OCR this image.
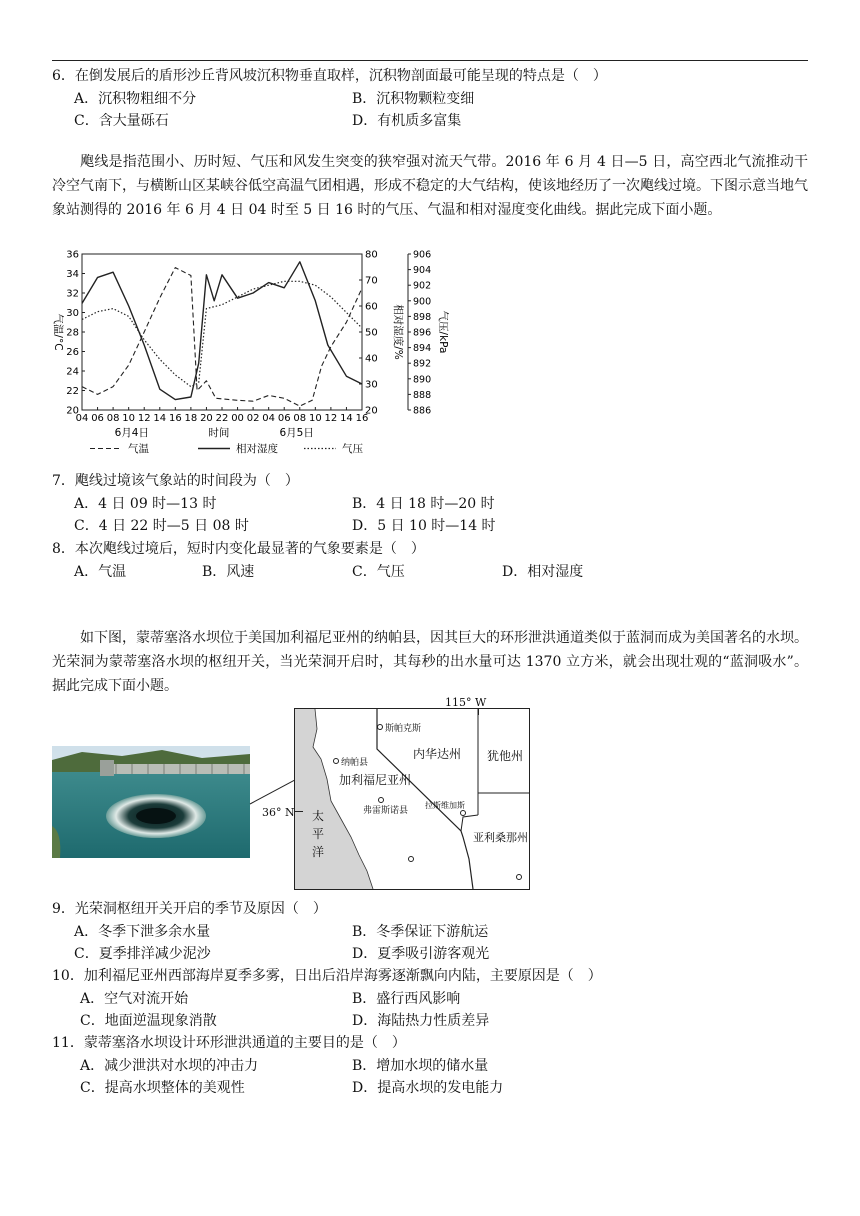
6．在倒发展后的盾形沙丘背风坡沉积物垂直取样，沉积物剖面最可能呈现的特点是（　）
A．沉积物粗细不分	B．沉积物颗粒变细
C．含大量砾石	D．有机质多富集
飑线是指范围小、历时短、气压和风发生突变的狭窄强对流天气带。2016 年 6 月 4 日—5 日，高空西北气流推动干冷空气南下，与横断山区某峡谷低空高温气团相遇，形成不稳定的大气结构，使该地经历了一次飑线过境。下图示意当地气象站测得的 2016 年 6 月 4 日 04 时至 5 日 16 时的气压、气温和相对湿度变化曲线。据此完成下面小题。
20
22
24
26
28
30
32
34
36
20
30
40
50
60
70
80
886
888
890
892
894
896
898
900
902
904
906
04 06 08 10 12 14 16 18 20 22 00 02 04 06 08 10 12 14 16
气温/°C	相对湿度/%	气压/kPa
6月4日	时间	6月5日
气温	相对湿度	气压
7．飑线过境该气象站的时间段为（　）
A．4 日 09 时—13 时	B．4 日 18 时—20 时
C．4 日 22 时—5 日 08 时	D．5 日 10 时—14 时
8．本次飑线过境后，短时内变化最显著的气象要素是（　）
A．气温	B．风速	C．气压	D．相对湿度
如下图，蒙蒂塞洛水坝位于美国加利福尼亚州的纳帕县，因其巨大的环形泄洪通道类似于蓝洞而成为美国著名的水坝。光荣洞为蒙蒂塞洛水坝的枢纽开关，当光荣洞开启时，其每秒的出水量可达 1370 立方米，就会出现壮观的“蓝洞吸水”。据此完成下面小题。
斯帕克斯
内华达州 犹他州
纳帕县
加利福尼亚州
弗雷斯诺县
拉斯维加斯
亚利桑那州
太
平
洋
115° W
36° N
9．光荣洞枢纽开关开启的季节及原因（　）
A．冬季下泄多余水量	B．冬季保证下游航运
C．夏季排洋减少泥沙	D．夏季吸引游客观光
10．加利福尼亚州西部海岸夏季多雾，日出后沿岸海雾逐渐飘向内陆，主要原因是（　）
A．空气对流开始	B．盛行西风影响
C．地面逆温现象消散	D．海陆热力性质差异
11．蒙蒂塞洛水坝设计环形泄洪通道的主要目的是（　）
A．减少泄洪对水坝的冲击力	B．增加水坝的储水量
C．提高水坝整体的美观性	D．提高水坝的发电能力
